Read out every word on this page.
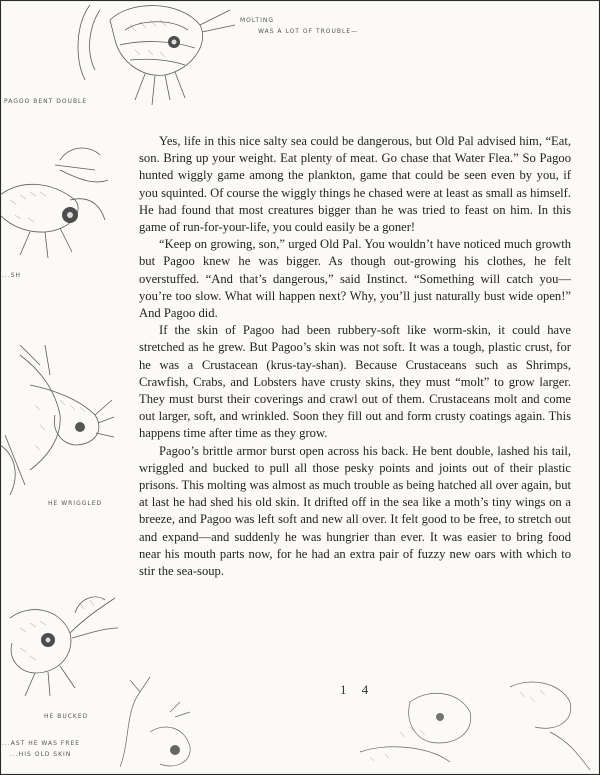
MOLTING
WAS A LOT OF TROUBLE—
PAGOO BENT DOUBLE
...SH
HE WRIGGLED
HE BUCKED
...AST HE WAS FREE
...HIS OLD SKIN

Yes, life in this nice salty sea could be dangerous, but Old Pal advised him, “Eat, son. Bring up your weight. Eat plenty of meat. Go chase that Water Flea.” So Pagoo hunted wiggly game among the plankton, game that could be seen even by you, if you squinted. Of course the wiggly things he chased were at least as small as himself. He had found that most creatures bigger than he was tried to feast on him. In this game of run-for-your-life, you could easily be a goner!

“Keep on growing, son,” urged Old Pal. You wouldn’t have noticed much growth but Pagoo knew he was bigger. As though out-growing his clothes, he felt overstuffed. “And that’s dangerous,” said Instinct. “Something will catch you—you’re too slow. What will happen next? Why, you’ll just naturally bust wide open!” And Pagoo did.

If the skin of Pagoo had been rubbery-soft like worm-skin, it could have stretched as he grew. But Pagoo’s skin was not soft. It was a tough, plastic crust, for he was a Crustacean (krus-tay-shan). Because Crustaceans such as Shrimps, Crawfish, Crabs, and Lobsters have crusty skins, they must “molt” to grow larger. They must burst their coverings and crawl out of them. Crustaceans molt and come out larger, soft, and wrinkled. Soon they fill out and form crusty coatings again. This happens time after time as they grow.

Pagoo’s brittle armor burst open across his back. He bent double, lashed his tail, wriggled and bucked to pull all those pesky points and joints out of their plastic prisons. This molting was almost as much trouble as being hatched all over again, but at last he had shed his old skin. It drifted off in the sea like a moth’s tiny wings on a breeze, and Pagoo was left soft and new all over. It felt good to be free, to stretch out and expand—and suddenly he was hungrier than ever. It was easier to bring food near his mouth parts now, for he had an extra pair of fuzzy new oars with which to stir the sea-soup.

1 4
